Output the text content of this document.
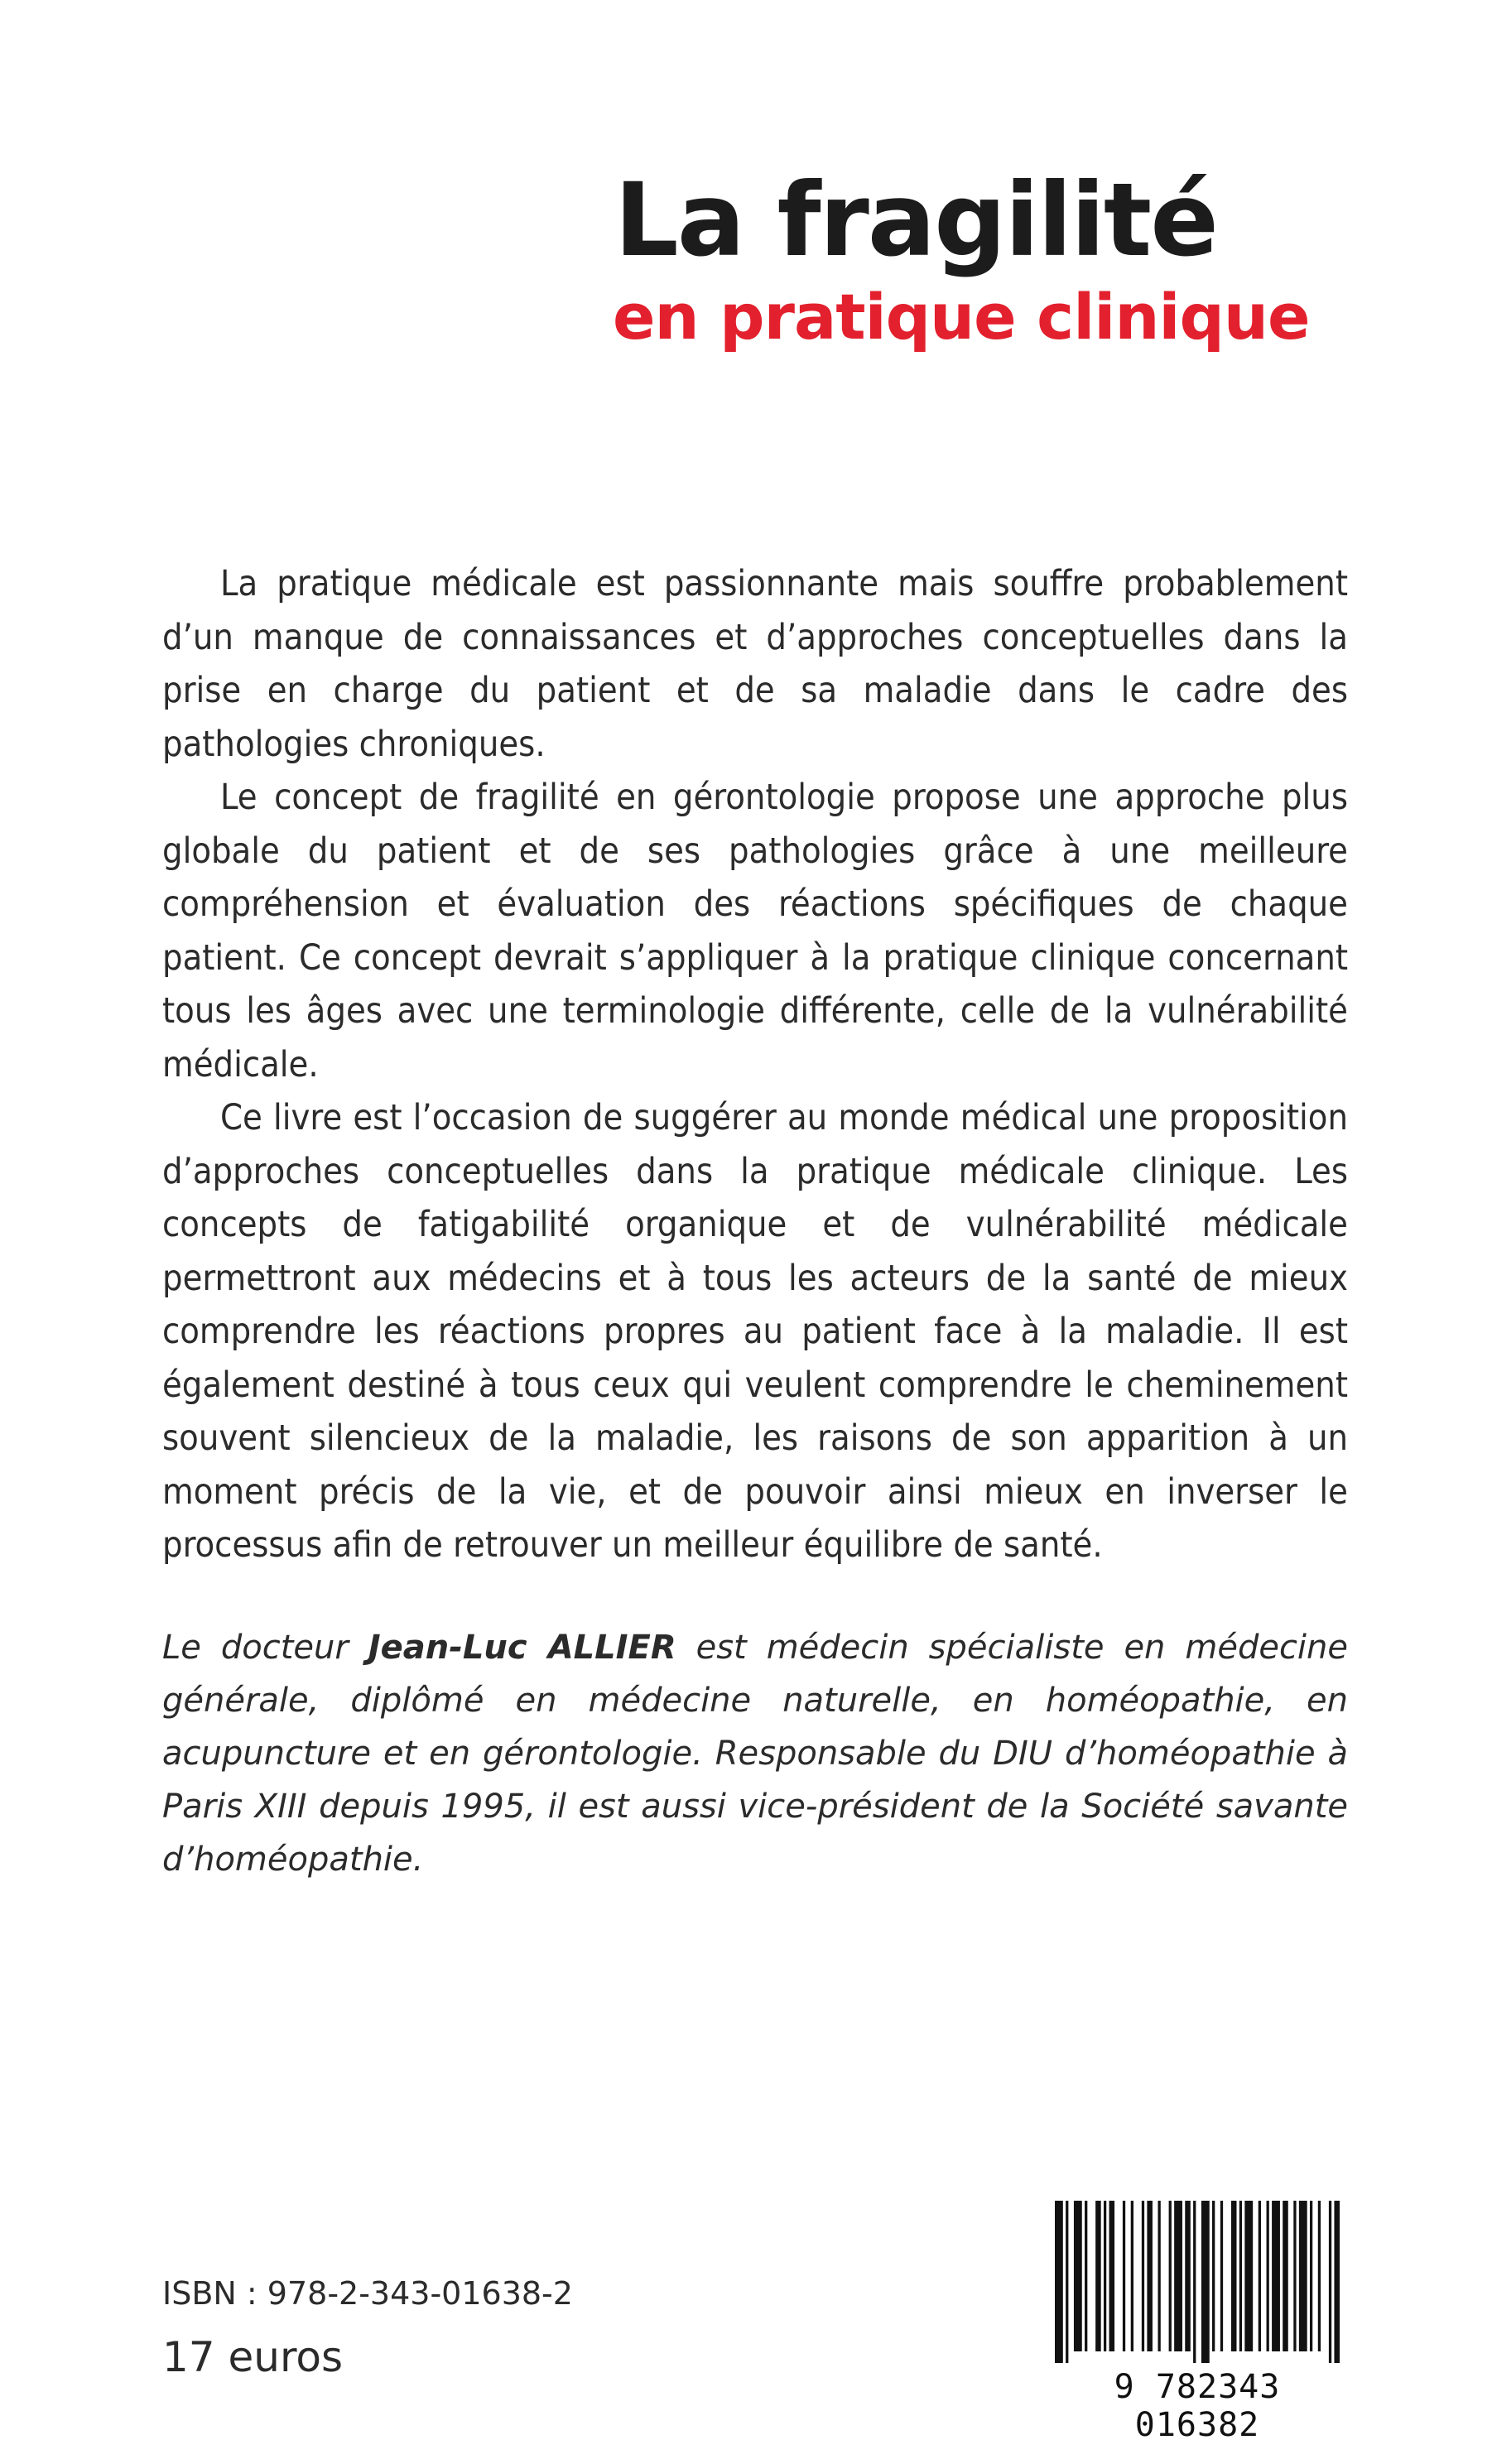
La fragilité
en pratique clinique

La pratique médicale est passionnante mais souffre probablement d’un manque de connaissances et d’approches conceptuelles dans la prise en charge du patient et de sa maladie dans le cadre des pathologies chroniques.

Le concept de fragilité en gérontologie propose une approche plus globale du patient et de ses pathologies grâce à une meilleure compréhension et évaluation des réactions spécifiques de chaque patient. Ce concept devrait s’appliquer à la pratique clinique concernant tous les âges avec une terminologie différente, celle de la vulnérabilité médicale.

Ce livre est l’occasion de suggérer au monde médical une proposition d’approches conceptuelles dans la pratique médicale clinique. Les concepts de fatigabilité organique et de vulnérabilité médicale permettront aux médecins et à tous les acteurs de la santé de mieux comprendre les réactions propres au patient face à la maladie. Il est également destiné à tous ceux qui veulent comprendre le cheminement souvent silencieux de la maladie, les raisons de son apparition à un moment précis de la vie, et de pouvoir ainsi mieux en inverser le processus afin de retrouver un meilleur équilibre de santé.

Le docteur Jean-Luc ALLIER est médecin spécialiste en médecine générale, diplômé en médecine naturelle, en homéopathie, en acupuncture et en gérontologie. Responsable du DIU d’homéopathie à Paris XIII depuis 1995, il est aussi vice-président de la Société savante d’homéopathie.

ISBN : 978-2-343-01638-2
17 euros
9 782343 016382
